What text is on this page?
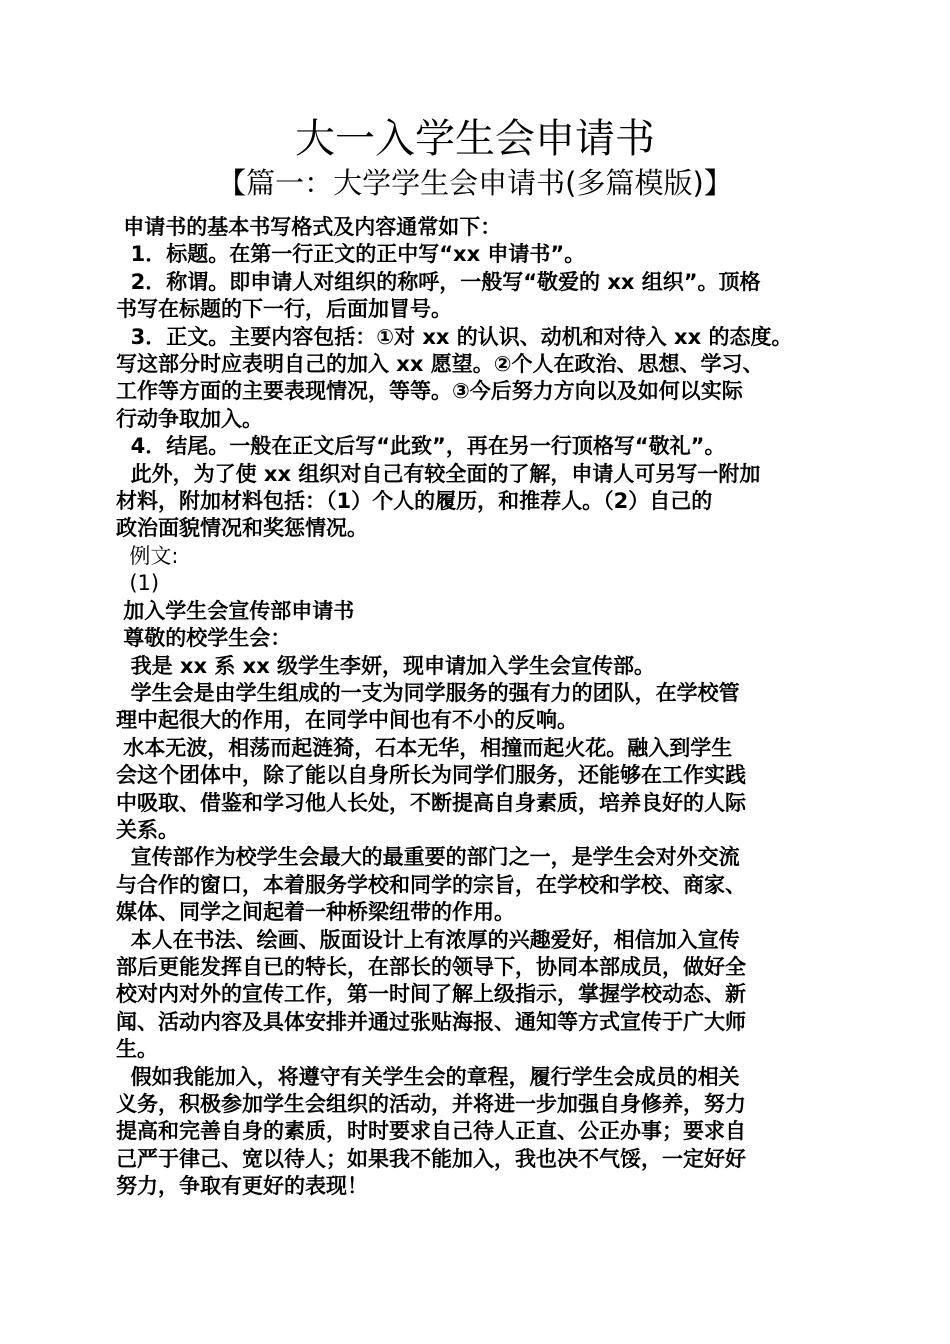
大一入学生会申请书
【篇一：大学学生会申请书(多篇模版)】

申请书的基本书写格式及内容通常如下：

1．标题。在第一行正文的正中写“xx 申请书”。

2．称谓。即申请人对组织的称呼，一般写“敬爱的 xx 组织”。顶格

书写在标题的下一行，后面加冒号。

3．正文。主要内容包括：①对 xx 的认识、动机和对待入 xx 的态度。

写这部分时应表明自己的加入 xx 愿望。②个人在政治、思想、学习、

工作等方面的主要表现情况，等等。③今后努力方向以及如何以实际

行动争取加入。

4．结尾。一般在正文后写“此致”，再在另一行顶格写“敬礼”。

此外，为了使 xx 组织对自己有较全面的了解，申请人可另写一附加

材料，附加材料包括：（1）个人的履历，和推荐人。（2）自己的

政治面貌情况和奖惩情况。

例文:

(1)

加入学生会宣传部申请书

尊敬的校学生会：

我是 xx 系 xx 级学生李妍，现申请加入学生会宣传部。

学生会是由学生组成的一支为同学服务的强有力的团队，在学校管

理中起很大的作用，在同学中间也有不小的反响。

水本无波，相荡而起涟猗，石本无华，相撞而起火花。融入到学生

会这个团体中，除了能以自身所长为同学们服务，还能够在工作实践

中吸取、借鉴和学习他人长处，不断提高自身素质，培养良好的人际

关系。

宣传部作为校学生会最大的最重要的部门之一，是学生会对外交流

与合作的窗口，本着服务学校和同学的宗旨，在学校和学校、商家、

媒体、同学之间起着一种桥梁纽带的作用。

本人在书法、绘画、版面设计上有浓厚的兴趣爱好，相信加入宣传

部后更能发挥自已的特长，在部长的领导下，协同本部成员，做好全

校对内对外的宣传工作，第一时间了解上级指示，掌握学校动态、新

闻、活动内容及具体安排并通过张贴海报、通知等方式宣传于广大师

生。

假如我能加入，将遵守有关学生会的章程，履行学生会成员的相关

义务，积极参加学生会组织的活动，并将进一步加强自身修养，努力

提高和完善自身的素质，时时要求自己待人正直、公正办事；要求自

己严于律己、宽以待人；如果我不能加入，我也决不气馁，一定好好

努力，争取有更好的表现！
